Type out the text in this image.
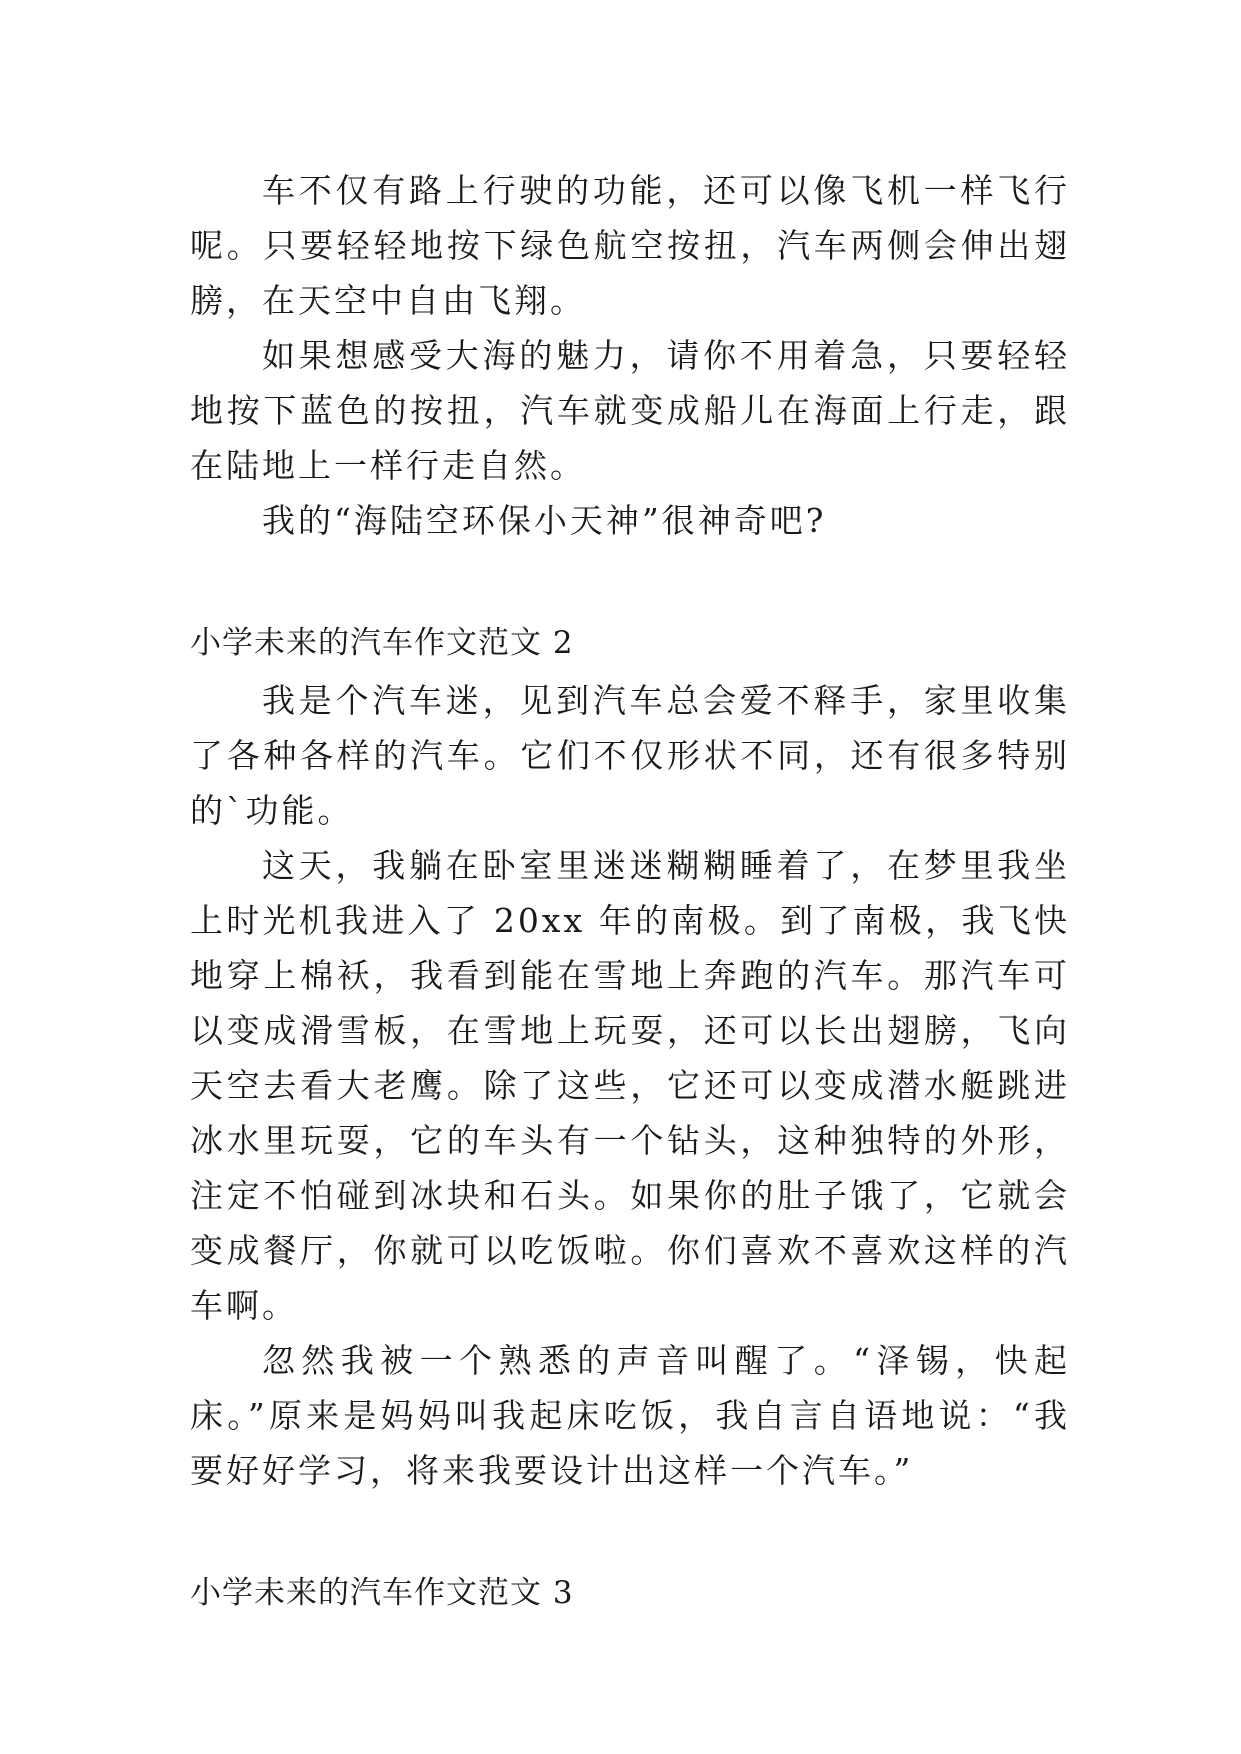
车不仅有路上行驶的功能，还可以像飞机一样飞行呢。只要轻轻地按下绿色航空按扭，汽车两侧会伸出翅膀，在天空中自由飞翔。

如果想感受大海的魅力，请你不用着急，只要轻轻地按下蓝色的按扭，汽车就变成船儿在海面上行走，跟在陆地上一样行走自然。

我的“海陆空环保小天神”很神奇吧?

小学未来的汽车作文范文 2

我是个汽车迷，见到汽车总会爱不释手，家里收集了各种各样的汽车。它们不仅形状不同，还有很多特别的`功能。

这天，我躺在卧室里迷迷糊糊睡着了，在梦里我坐上时光机我进入了 20xx 年的南极。到了南极，我飞快地穿上棉袄，我看到能在雪地上奔跑的汽车。那汽车可以变成滑雪板，在雪地上玩耍，还可以长出翅膀，飞向天空去看大老鹰。除了这些，它还可以变成潜水艇跳进冰水里玩耍，它的车头有一个钻头，这种独特的外形，注定不怕碰到冰块和石头。如果你的肚子饿了，它就会变成餐厅，你就可以吃饭啦。你们喜欢不喜欢这样的汽车啊。

忽然我被一个熟悉的声音叫醒了。“泽锡，快起床。”原来是妈妈叫我起床吃饭，我自言自语地说：“我要好好学习，将来我要设计出这样一个汽车。”

小学未来的汽车作文范文 3
